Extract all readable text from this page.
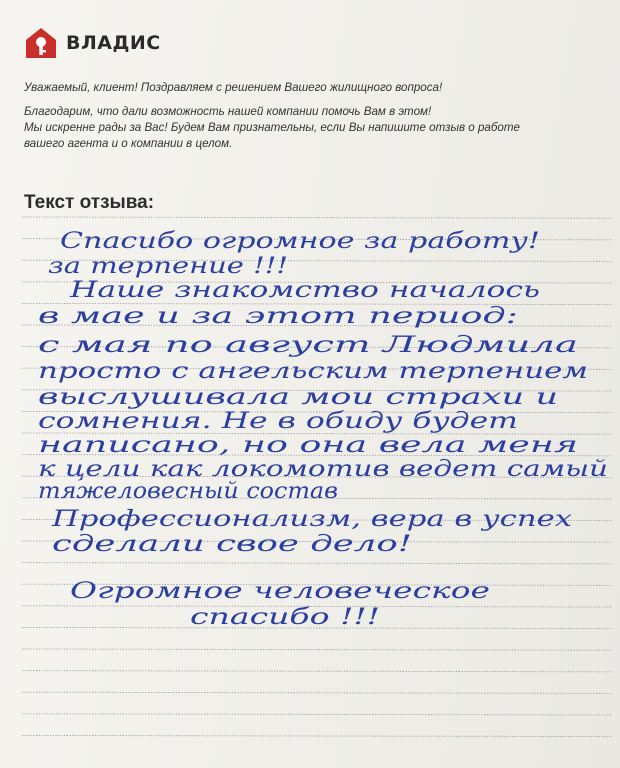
ВЛАДИС

Уважаемый, клиент! Поздравляем с решением Вашего жилищного вопроса!

Благодарим, что дали возможность нашей компании помочь Вам в этом!

Мы искренне рады за Вас! Будем Вам признательны, если Вы напишите отзыв о работе

вашего агента и о компании в целом.

Текст отзыва:
Спасибо огромное за работу!
за терпение !!!
Наше знакомство началось
в мае и за этот период:
с мая по август Людмила
просто с ангельским терпением
выслушивала мои страхи и
сомнения. Не в обиду будет
написано, но она вела меня
к цели как локомотив ведет самый
тяжеловесный состав
Профессионализм, вера в успех
сделали свое дело!
Огромное человеческое
спасибо !!!
